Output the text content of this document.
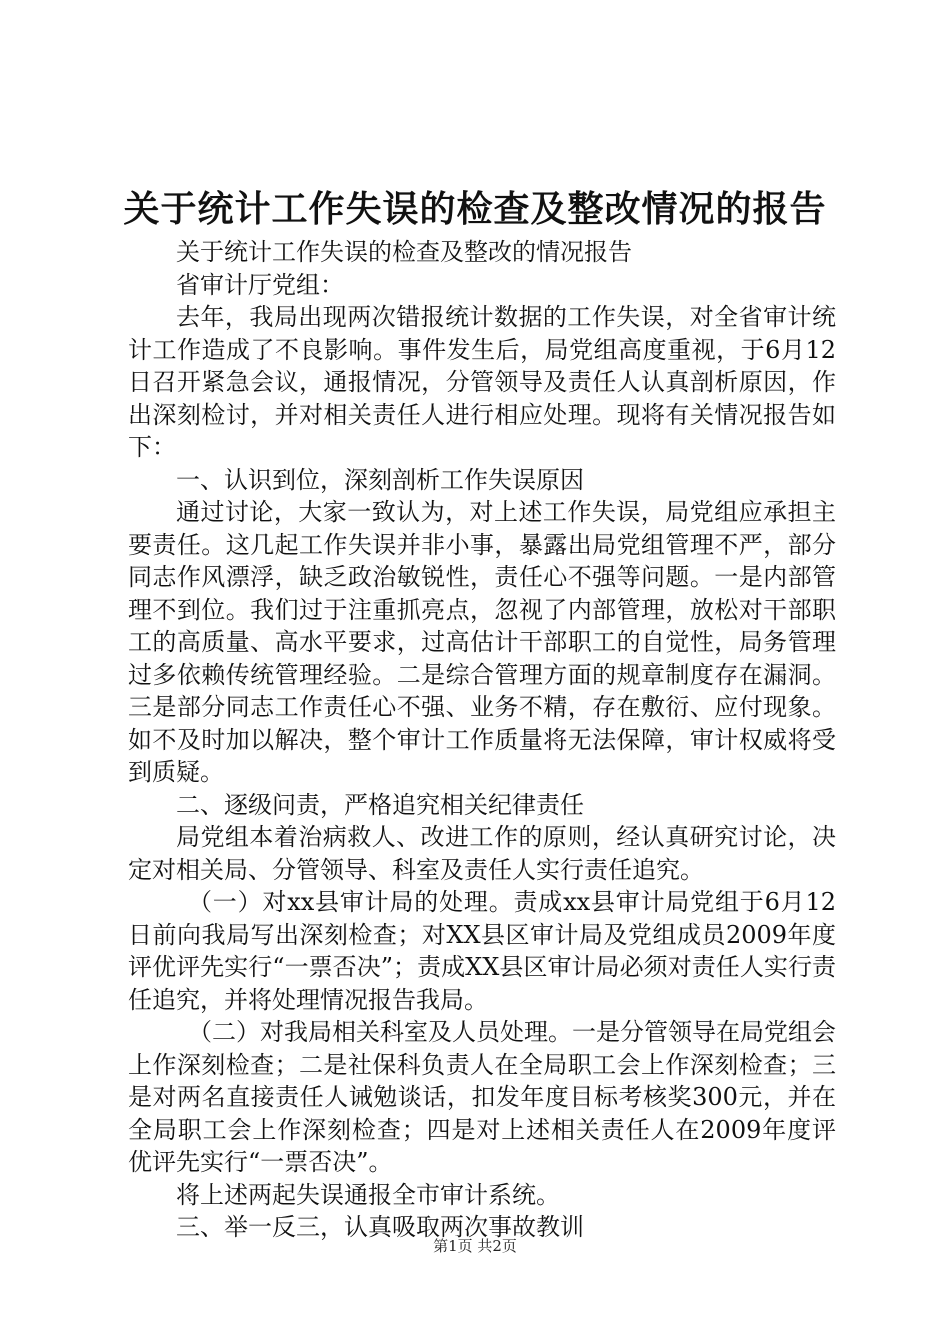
关于统计工作失误的检查及整改情况的报告

关于统计工作失误的检查及整改的情况报告

省审计厅党组：

去年，我局出现两次错报统计数据的工作失误，对全省审计统计工作造成了不良影响。事件发生后，局党组高度重视，于6月12日召开紧急会议，通报情况，分管领导及责任人认真剖析原因，作出深刻检讨，并对相关责任人进行相应处理。现将有关情况报告如下：

一、认识到位，深刻剖析工作失误原因

通过讨论，大家一致认为，对上述工作失误，局党组应承担主要责任。这几起工作失误并非小事，暴露出局党组管理不严，部分同志作风漂浮，缺乏政治敏锐性，责任心不强等问题。一是内部管理不到位。我们过于注重抓亮点，忽视了内部管理，放松对干部职工的高质量、高水平要求，过高估计干部职工的自觉性，局务管理过多依赖传统管理经验。二是综合管理方面的规章制度存在漏洞。三是部分同志工作责任心不强、业务不精，存在敷衍、应付现象。如不及时加以解决，整个审计工作质量将无法保障，审计权威将受到质疑。

二、逐级问责，严格追究相关纪律责任

局党组本着治病救人、改进工作的原则，经认真研究讨论，决定对相关局、分管领导、科室及责任人实行责任追究。

（一）对xx县审计局的处理。责成xx县审计局党组于6月12日前向我局写出深刻检查；对XX县区审计局及党组成员2009年度评优评先实行“一票否决”；责成XX县区审计局必须对责任人实行责任追究，并将处理情况报告我局。

（二）对我局相关科室及人员处理。一是分管领导在局党组会上作深刻检查；二是社保科负责人在全局职工会上作深刻检查；三是对两名直接责任人诫勉谈话，扣发年度目标考核奖300元，并在全局职工会上作深刻检查；四是对上述相关责任人在2009年度评优评先实行“一票否决”。

将上述两起失误通报全市审计系统。

三、举一反三，认真吸取两次事故教训

第1页 共2页
